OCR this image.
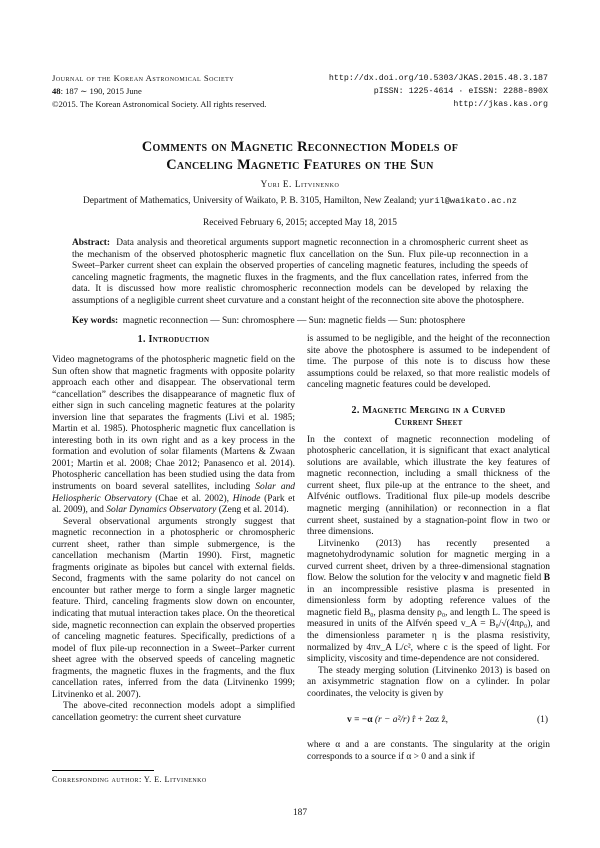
Journal of the Korean Astronomical Society
48: 187 ∼ 190, 2015 June
©2015. The Korean Astronomical Society. All rights reserved.
http://dx.doi.org/10.5303/JKAS.2015.48.3.187
pISSN: 1225-4614 · eISSN: 2288-890X
http://jkas.kas.org
Comments on Magnetic Reconnection Models of
Canceling Magnetic Features on the Sun
Yuri E. Litvinenko
Department of Mathematics, University of Waikato, P. B. 3105, Hamilton, New Zealand; yuril@waikato.ac.nz
Received February 6, 2015; accepted May 18, 2015
Abstract: Data analysis and theoretical arguments support magnetic reconnection in a chromospheric current sheet as the mechanism of the observed photospheric magnetic flux cancellation on the Sun. Flux pile-up reconnection in a Sweet–Parker current sheet can explain the observed properties of canceling magnetic features, including the speeds of canceling magnetic fragments, the magnetic fluxes in the fragments, and the flux cancellation rates, inferred from the data. It is discussed how more realistic chromospheric reconnection models can be developed by relaxing the assumptions of a negligible current sheet curvature and a constant height of the reconnection site above the photosphere.
Key words: magnetic reconnection — Sun: chromosphere — Sun: magnetic fields — Sun: photosphere
1. Introduction

Video magnetograms of the photospheric magnetic field on the Sun often show that magnetic fragments with opposite polarity approach each other and disappear. The observational term “cancellation” describes the disappearance of magnetic flux of either sign in such canceling magnetic features at the polarity inversion line that separates the fragments (Livi et al. 1985; Martin et al. 1985). Photospheric magnetic flux cancellation is interesting both in its own right and as a key process in the formation and evolution of solar filaments (Martens & Zwaan 2001; Martin et al. 2008; Chae 2012; Panasenco et al. 2014). Photospheric cancellation has been studied using the data from instruments on board several satellites, including Solar and Heliospheric Observatory (Chae et al. 2002), Hinode (Park et al. 2009), and Solar Dynamics Observatory (Zeng et al. 2014).

Several observational arguments strongly suggest that magnetic reconnection in a photospheric or chromospheric current sheet, rather than simple submergence, is the cancellation mechanism (Martin 1990). First, magnetic fragments originate as bipoles but cancel with external fields. Second, fragments with the same polarity do not cancel on encounter but rather merge to form a single larger magnetic feature. Third, canceling fragments slow down on encounter, indicating that mutual interaction takes place. On the theoretical side, magnetic reconnection can explain the observed properties of canceling magnetic features. Specifically, predictions of a model of flux pile-up reconnection in a Sweet–Parker current sheet agree with the observed speeds of canceling magnetic fragments, the magnetic fluxes in the fragments, and the flux cancellation rates, inferred from the data (Litvinenko 1999; Litvinenko et al. 2007).

The above-cited reconnection models adopt a simplified cancellation geometry: the current sheet curvature

is assumed to be negligible, and the height of the reconnection site above the photosphere is assumed to be independent of time. The purpose of this note is to discuss how these assumptions could be relaxed, so that more realistic models of canceling magnetic features could be developed.

2. Magnetic Merging in a Curved
Current Sheet

In the context of magnetic reconnection modeling of photospheric cancellation, it is significant that exact analytical solutions are available, which illustrate the key features of magnetic reconnection, including a small thickness of the current sheet, flux pile-up at the entrance to the sheet, and Alfvénic outflows. Traditional flux pile-up models describe magnetic merging (annihilation) or reconnection in a flat current sheet, sustained by a stagnation-point flow in two or three dimensions.

Litvinenko (2013) has recently presented a magnetohydrodynamic solution for magnetic merging in a curved current sheet, driven by a three-dimensional stagnation flow. Below the solution for the velocity v and magnetic field B in an incompressible resistive plasma is presented in dimensionless form by adopting reference values of the magnetic field B₀, plasma density ρ₀, and length L. The speed is measured in units of the Alfvén speed v_A = B₀/√(4πρ₀), and the dimensionless parameter η is the plasma resistivity, normalized by 4πv_A L/c², where c is the speed of light. For simplicity, viscosity and time-dependence are not considered.

The steady merging solution (Litvinenko 2013) is based on an axisymmetric stagnation flow on a cylinder. In polar coordinates, the velocity is given by

v = −α (r − a²/r) r̂ + 2αz ẑ,	(1)

where α and a are constants. The singularity at the origin corresponds to a source if α > 0 and a sink if

Corresponding author: Y. E. Litvinenko
187
